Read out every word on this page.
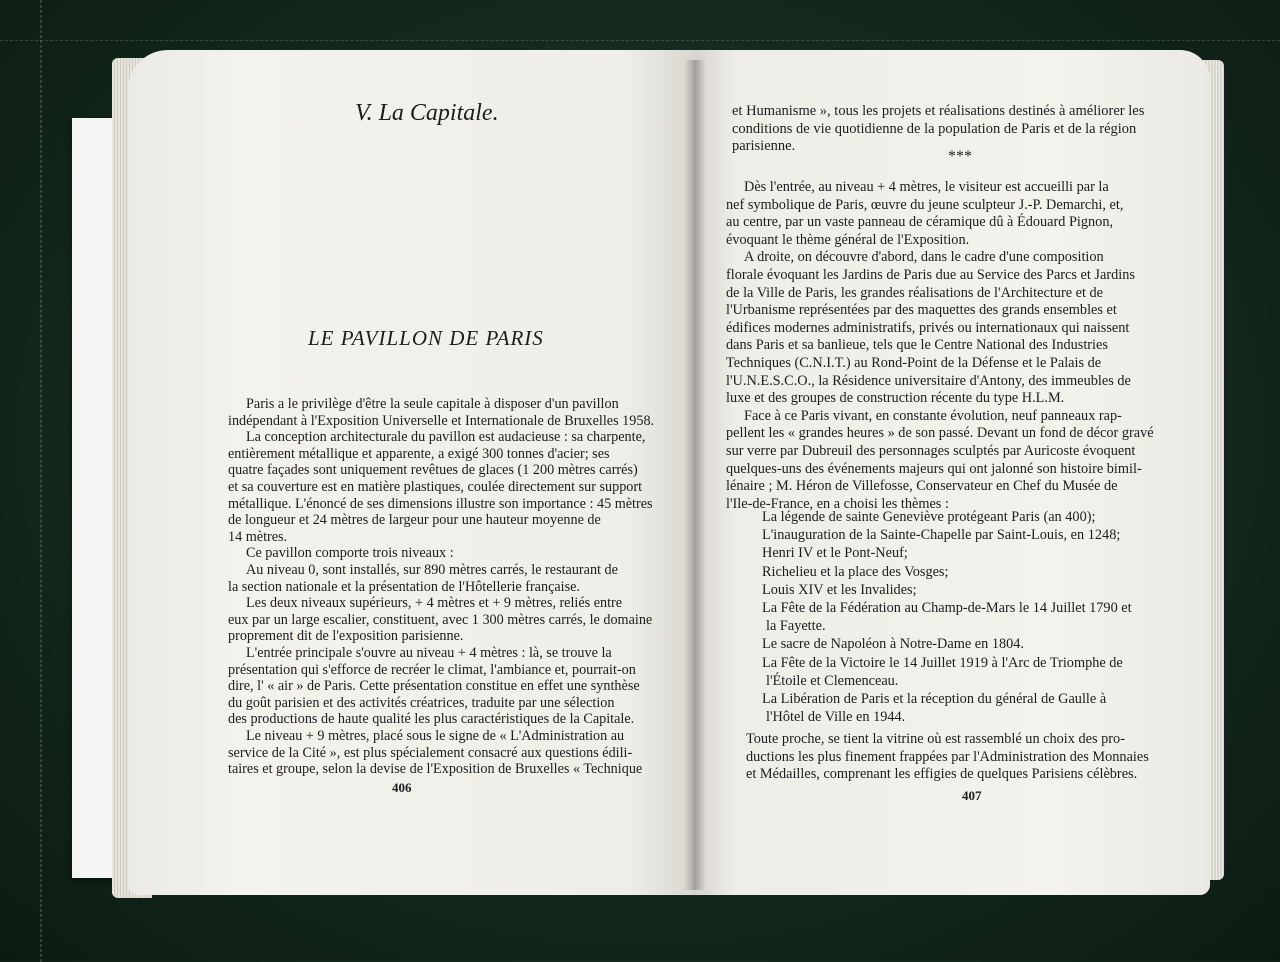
V. La Capitale.
LE PAVILLON DE PARIS
Paris a le privilège d'être la seule capitale à disposer d'un pavillon
indépendant à l'Exposition Universelle et Internationale de Bruxelles 1958.
La conception architecturale du pavillon est audacieuse : sa charpente,
entièrement métallique et apparente, a exigé 300 tonnes d'acier; ses
quatre façades sont uniquement revêtues de glaces (1 200 mètres carrés)
et sa couverture est en matière plastiques, coulée directement sur support
métallique. L'énoncé de ses dimensions illustre son importance : 45 mètres
de longueur et 24 mètres de largeur pour une hauteur moyenne de
14 mètres.
Ce pavillon comporte trois niveaux :
Au niveau 0, sont installés, sur 890 mètres carrés, le restaurant de
la section nationale et la présentation de l'Hôtellerie française.
Les deux niveaux supérieurs, + 4 mètres et + 9 mètres, reliés entre
eux par un large escalier, constituent, avec 1 300 mètres carrés, le domaine
proprement dit de l'exposition parisienne.
L'entrée principale s'ouvre au niveau + 4 mètres : là, se trouve la
présentation qui s'efforce de recréer le climat, l'ambiance et, pourrait-on
dire, l' « air » de Paris. Cette présentation constitue en effet une synthèse
du goût parisien et des activités créatrices, traduite par une sélection
des productions de haute qualité les plus caractéristiques de la Capitale.
Le niveau + 9 mètres, placé sous le signe de « L'Administration au
service de la Cité », est plus spécialement consacré aux questions édili-
taires et groupe, selon la devise de l'Exposition de Bruxelles « Technique
406
et Humanisme », tous les projets et réalisations destinés à améliorer les
conditions de vie quotidienne de la population de Paris et de la région
parisienne.
***
Dès l'entrée, au niveau + 4 mètres, le visiteur est accueilli par la
nef symbolique de Paris, œuvre du jeune sculpteur J.-P. Demarchi, et,
au centre, par un vaste panneau de céramique dû à Édouard Pignon,
évoquant le thème général de l'Exposition.
A droite, on découvre d'abord, dans le cadre d'une composition
florale évoquant les Jardins de Paris due au Service des Parcs et Jardins
de la Ville de Paris, les grandes réalisations de l'Architecture et de
l'Urbanisme représentées par des maquettes des grands ensembles et
édifices modernes administratifs, privés ou internationaux qui naissent
dans Paris et sa banlieue, tels que le Centre National des Industries
Techniques (C.N.I.T.) au Rond-Point de la Défense et le Palais de
l'U.N.E.S.C.O., la Résidence universitaire d'Antony, des immeubles de
luxe et des groupes de construction récente du type H.L.M.
Face à ce Paris vivant, en constante évolution, neuf panneaux rap-
pellent les « grandes heures » de son passé. Devant un fond de décor gravé
sur verre par Dubreuil des personnages sculptés par Auricoste évoquent
quelques-uns des événements majeurs qui ont jalonné son histoire bimil-
lénaire ; M. Héron de Villefosse, Conservateur en Chef du Musée de
l'Ile-de-France, en a choisi les thèmes :
La légende de sainte Geneviève protégeant Paris (an 400);
L'inauguration de la Sainte-Chapelle par Saint-Louis, en 1248;
Henri IV et le Pont-Neuf;
Richelieu et la place des Vosges;
Louis XIV et les Invalides;
La Fête de la Fédération au Champ-de-Mars le 14 Juillet 1790 et
la Fayette.
Le sacre de Napoléon à Notre-Dame en 1804.
La Fête de la Victoire le 14 Juillet 1919 à l'Arc de Triomphe de
l'Étoile et Clemenceau.
La Libération de Paris et la réception du général de Gaulle à
l'Hôtel de Ville en 1944.
Toute proche, se tient la vitrine où est rassemblé un choix des pro-
ductions les plus finement frappées par l'Administration des Monnaies
et Médailles, comprenant les effigies de quelques Parisiens célèbres.
407
